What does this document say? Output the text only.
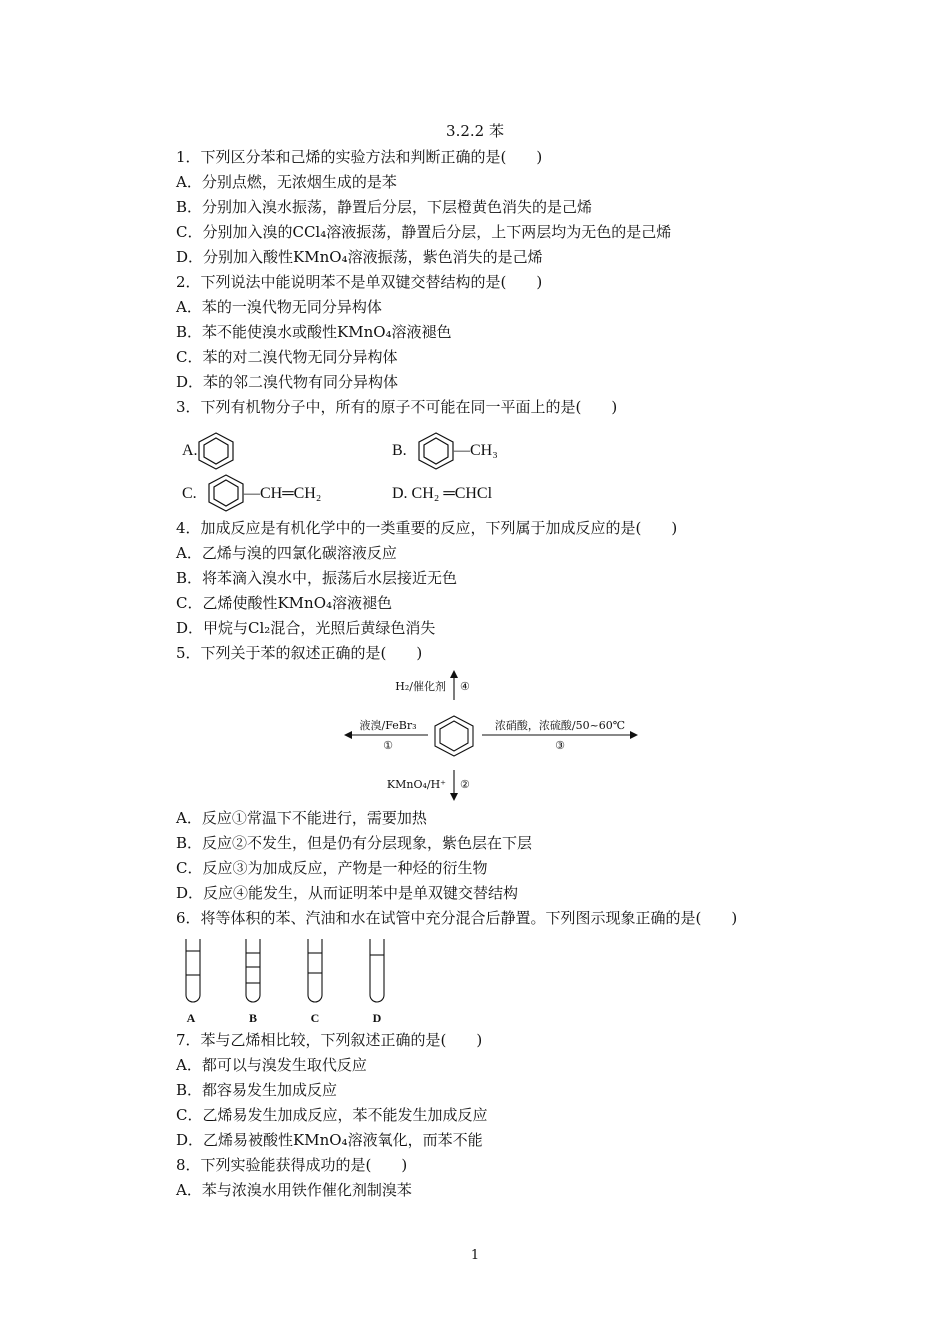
3.2.2 苯
1．下列区分苯和己烯的实验方法和判断正确的是(　　)
A．分别点燃，无浓烟生成的是苯
B．分别加入溴水振荡，静置后分层，下层橙黄色消失的是己烯
C．分别加入溴的CCl₄溶液振荡，静置后分层，上下两层均为无色的是己烯
D．分别加入酸性KMnO₄溶液振荡，紫色消失的是己烯
2．下列说法中能说明苯不是单双键交替结构的是(　　)
A．苯的一溴代物无同分异构体
B．苯不能使溴水或酸性KMnO₄溶液褪色
C．苯的对二溴代物无同分异构体
D．苯的邻二溴代物有同分异构体
3．下列有机物分子中，所有的原子不可能在同一平面上的是(　　)
A.	B.
C.	D. CH₂ ═CHCl
—CH₃
—CH═CH₂
4．加成反应是有机化学中的一类重要的反应，下列属于加成反应的是(　　)
A．乙烯与溴的四氯化碳溶液反应
B．将苯滴入溴水中，振荡后水层接近无色
C．乙烯使酸性KMnO₄溶液褪色
D．甲烷与Cl₂混合，光照后黄绿色消失
5．下列关于苯的叙述正确的是(　　)
H₂/催化剂 ④
液溴/FeBr₃
①
浓硝酸，浓硫酸/50~60℃
③
KMnO₄/H⁺ ②
A．反应①常温下不能进行，需要加热
B．反应②不发生，但是仍有分层现象，紫色层在下层
C．反应③为加成反应，产物是一种烃的衍生物
D．反应④能发生，从而证明苯中是单双键交替结构
6．将等体积的苯、汽油和水在试管中充分混合后静置。下列图示现象正确的是(　　)
A	B	C	D
7．苯与乙烯相比较，下列叙述正确的是(　　)
A．都可以与溴发生取代反应
B．都容易发生加成反应
C．乙烯易发生加成反应，苯不能发生加成反应
D．乙烯易被酸性KMnO₄溶液氧化，而苯不能
8．下列实验能获得成功的是(　　)
A．苯与浓溴水用铁作催化剂制溴苯
1
